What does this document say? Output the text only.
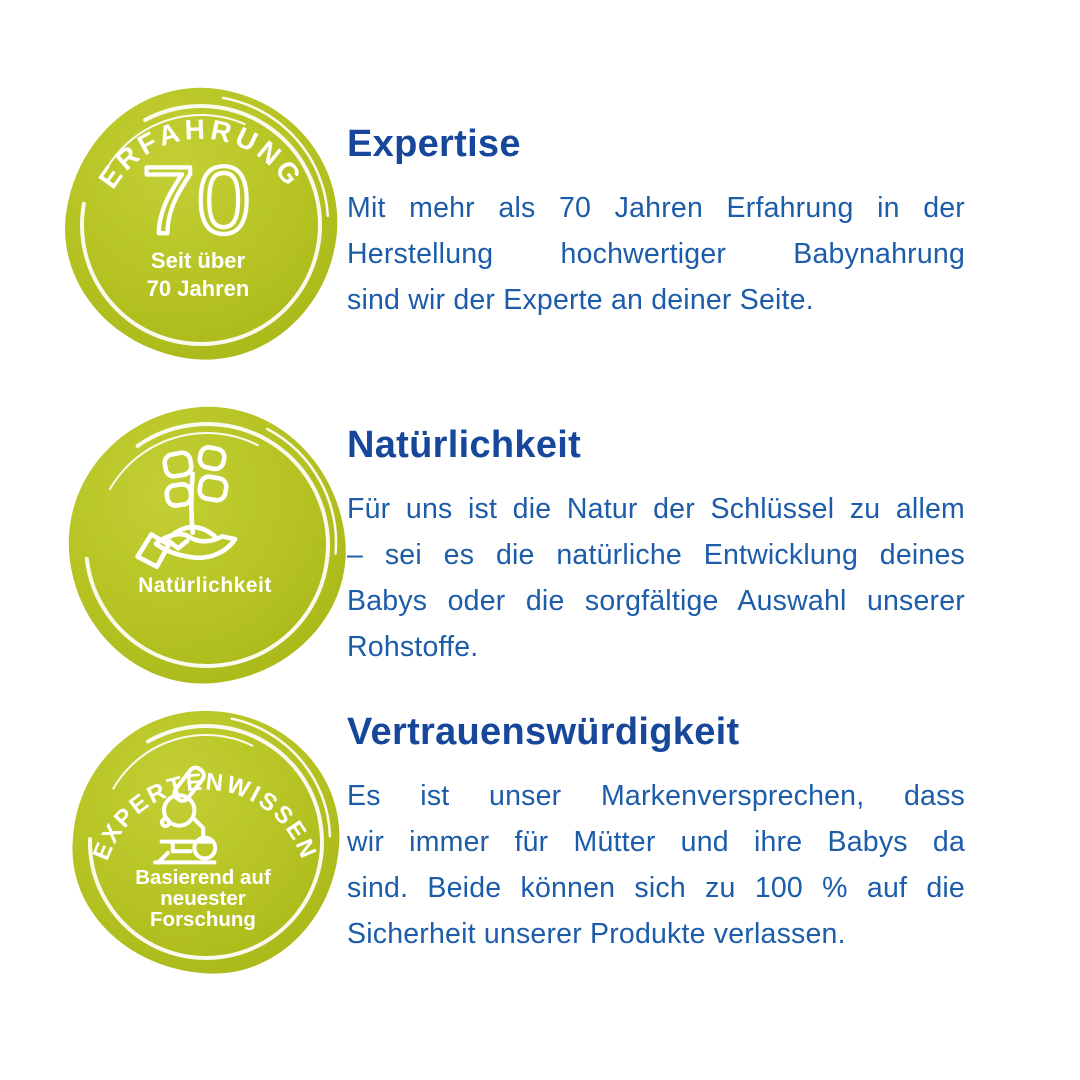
ERFAHRUNG
70
Seit über
70 Jahren
Expertise
Mit mehr als 70 Jahren Erfahrung in der
Herstellung hochwertiger Babynahrung
sind wir der Experte an deiner Seite.
Natürlichkeit
Natürlichkeit
Für uns ist die Natur der Schlüssel zu allem
– sei es die natürliche Entwicklung deines
Babys oder die sorgfältige Auswahl unserer
Rohstoffe.
EXPERTENWISSEN
Basierend auf
neuester
Forschung
Vertrauenswürdigkeit
Es ist unser Markenversprechen, dass
wir immer für Mütter und ihre Babys da
sind. Beide können sich zu 100 % auf die
Sicherheit unserer Produkte verlassen.
